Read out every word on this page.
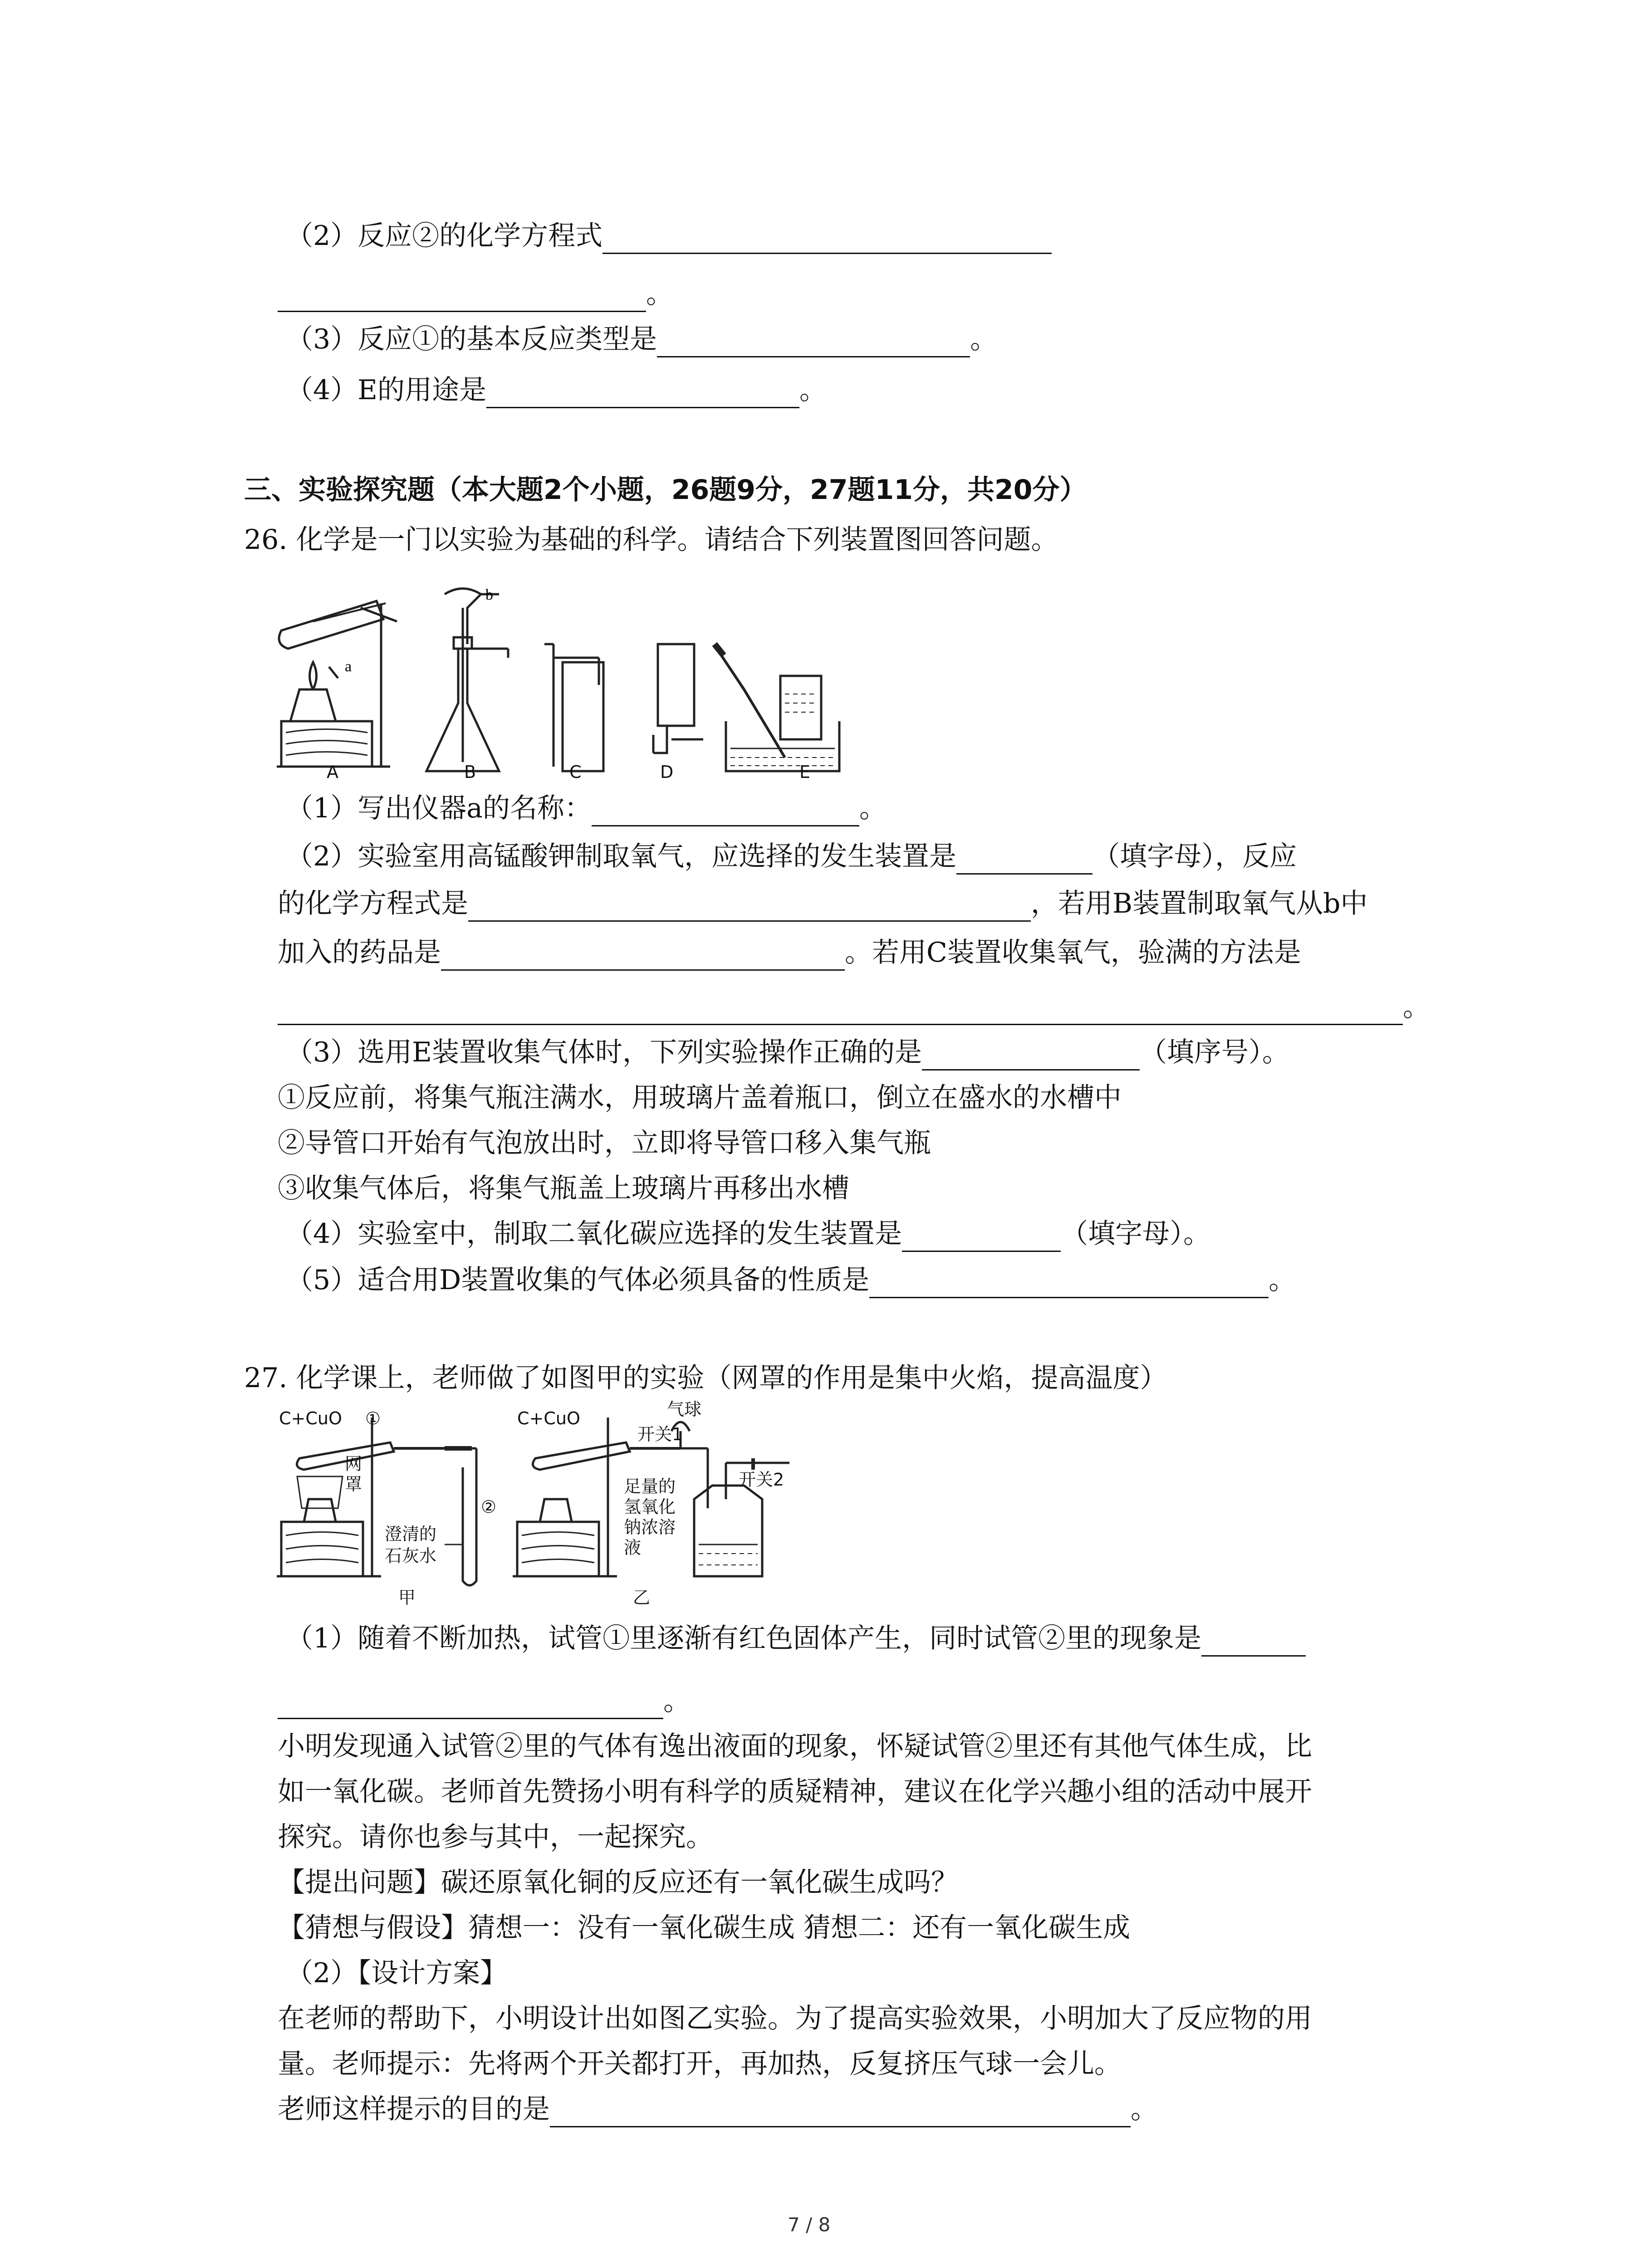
（2）反应②的化学方程式
。
（3）反应①的基本反应类型是	。
（4）E的用途是	。
三、实验探究题（本大题2个小题，26题9分，27题11分，共20分）
26. 化学是一门以实验为基础的科学。请结合下列装置图回答问题。
a
b
A	B	C	D	E
（1）写出仪器a的名称：	。
（2）实验室用高锰酸钾制取氧气，应选择的发生装置是	（填字母），反应
的化学方程式是	，若用B装置制取氧气从b中
加入的药品是	。若用C装置收集氧气，验满的方法是
。
（3）选用E装置收集气体时，下列实验操作正确的是	（填序号）。
①反应前，将集气瓶注满水，用玻璃片盖着瓶口，倒立在盛水的水槽中
②导管口开始有气泡放出时，立即将导管口移入集气瓶
③收集气体后，将集气瓶盖上玻璃片再移出水槽
（4）实验室中，制取二氧化碳应选择的发生装置是	（填字母）。
（5）适合用D装置收集的气体必须具备的性质是	。
27. 化学课上，老师做了如图甲的实验（网罩的作用是集中火焰，提高温度）
C+CuO ①
网
罩
②
澄清的
石灰水
C+CuO	气球
开关1
开关2
足量的
氢氧化
钠浓溶
液
甲	乙
（1）随着不断加热，试管①里逐渐有红色固体产生，同时试管②里的现象是
。
小明发现通入试管②里的气体有逸出液面的现象，怀疑试管②里还有其他气体生成，比
如一氧化碳。老师首先赞扬小明有科学的质疑精神，建议在化学兴趣小组的活动中展开
探究。请你也参与其中，一起探究。
【提出问题】碳还原氧化铜的反应还有一氧化碳生成吗？
【猜想与假设】猜想一：没有一氧化碳生成 猜想二：还有一氧化碳生成
（2）【设计方案】
在老师的帮助下，小明设计出如图乙实验。为了提高实验效果，小明加大了反应物的用
量。老师提示：先将两个开关都打开，再加热，反复挤压气球一会儿。
老师这样提示的目的是	。
7 / 8
